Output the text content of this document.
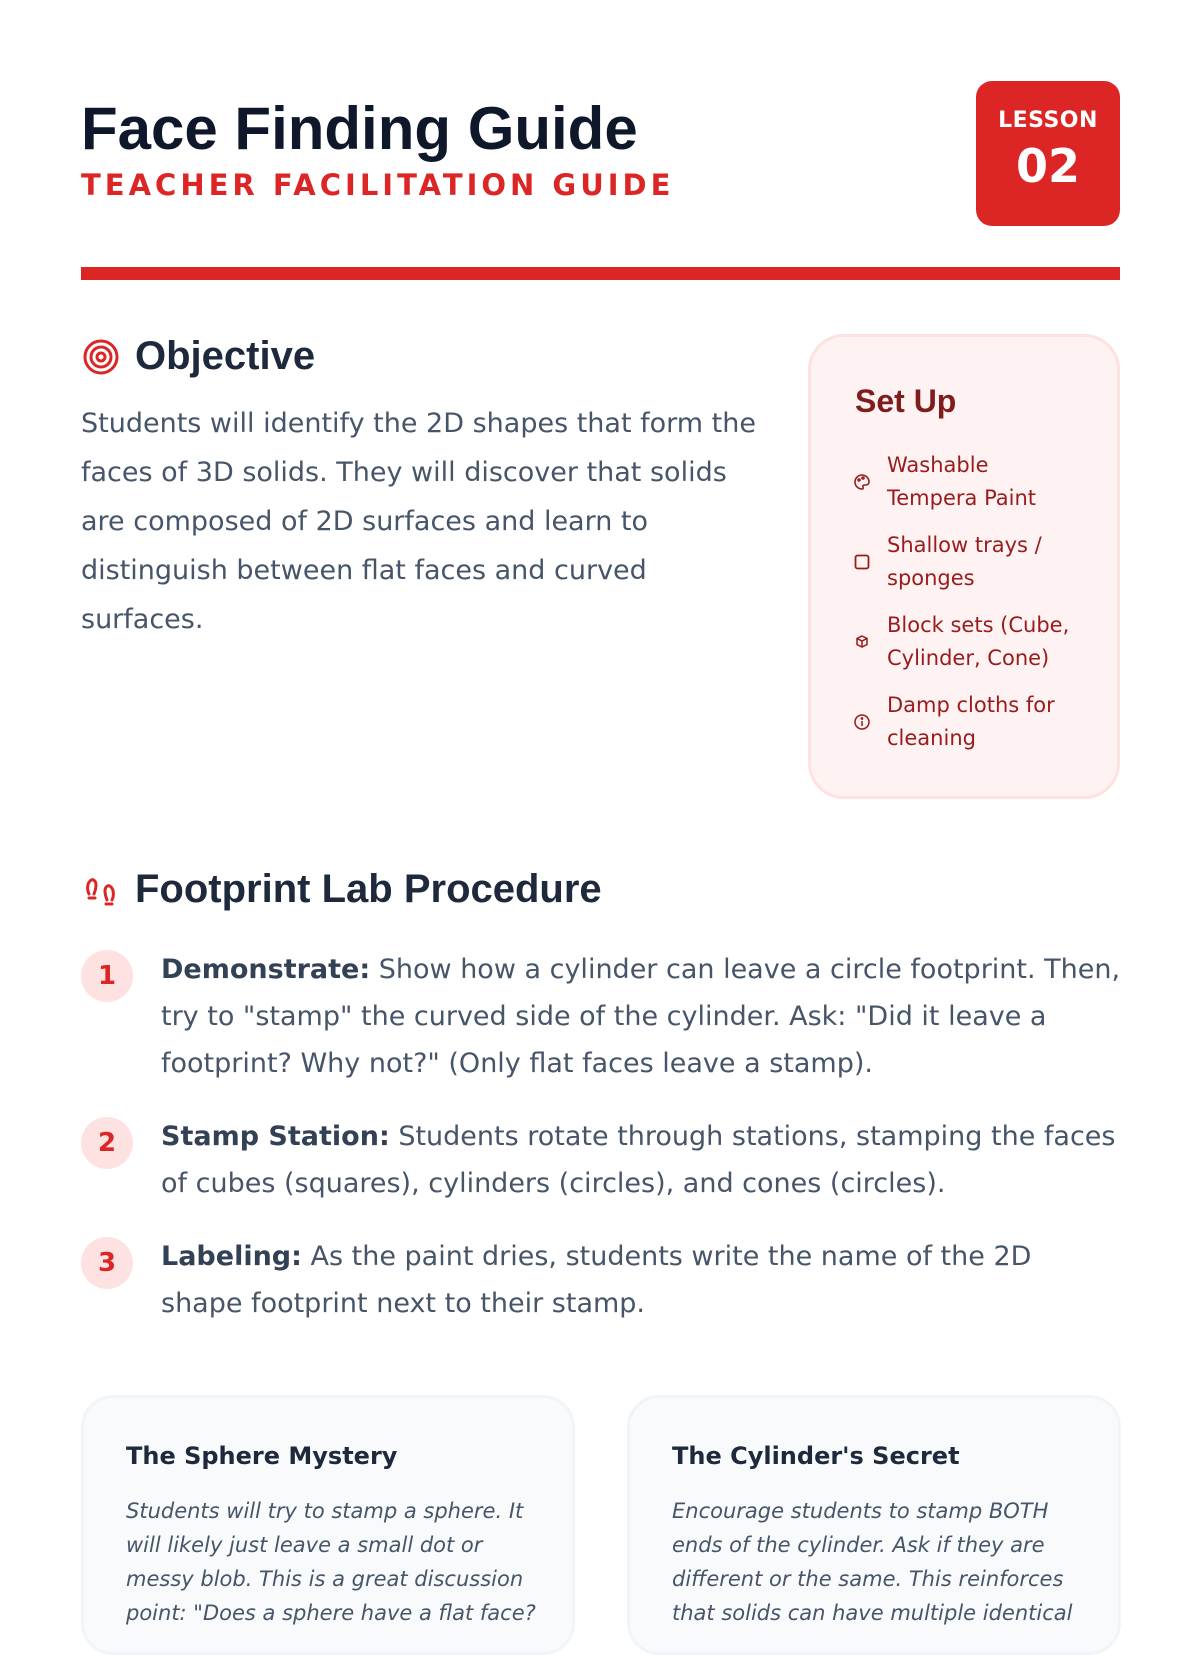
Face Finding Guide
TEACHER FACILITATION GUIDE
LESSON
02
Objective

Students will identify the 2D shapes that form the faces of 3D solids. They will discover that solids are composed of 2D surfaces and learn to distinguish between flat faces and curved surfaces.

Set Up
Washable Tempera Paint
Shallow trays / sponges
Block sets (Cube, Cylinder, Cone)
Damp cloths for cleaning
Footprint Lab Procedure
1	Demonstrate: Show how a cylinder can leave a circle footprint. Then, try to "stamp" the curved side of the cylinder. Ask: "Did it leave a footprint? Why not?" (Only flat faces leave a stamp).
2	Stamp Station: Students rotate through stations, stamping the faces of cubes (squares), cylinders (circles), and cones (circles).
3	Labeling: As the paint dries, students write the name of the 2D shape footprint next to their stamp.
The Sphere Mystery

Students will try to stamp a sphere. It will likely just leave a small dot or messy blob. This is a great discussion point: "Does a sphere have a flat face?

The Cylinder's Secret

Encourage students to stamp BOTH ends of the cylinder. Ask if they are different or the same. This reinforces that solids can have multiple identical
